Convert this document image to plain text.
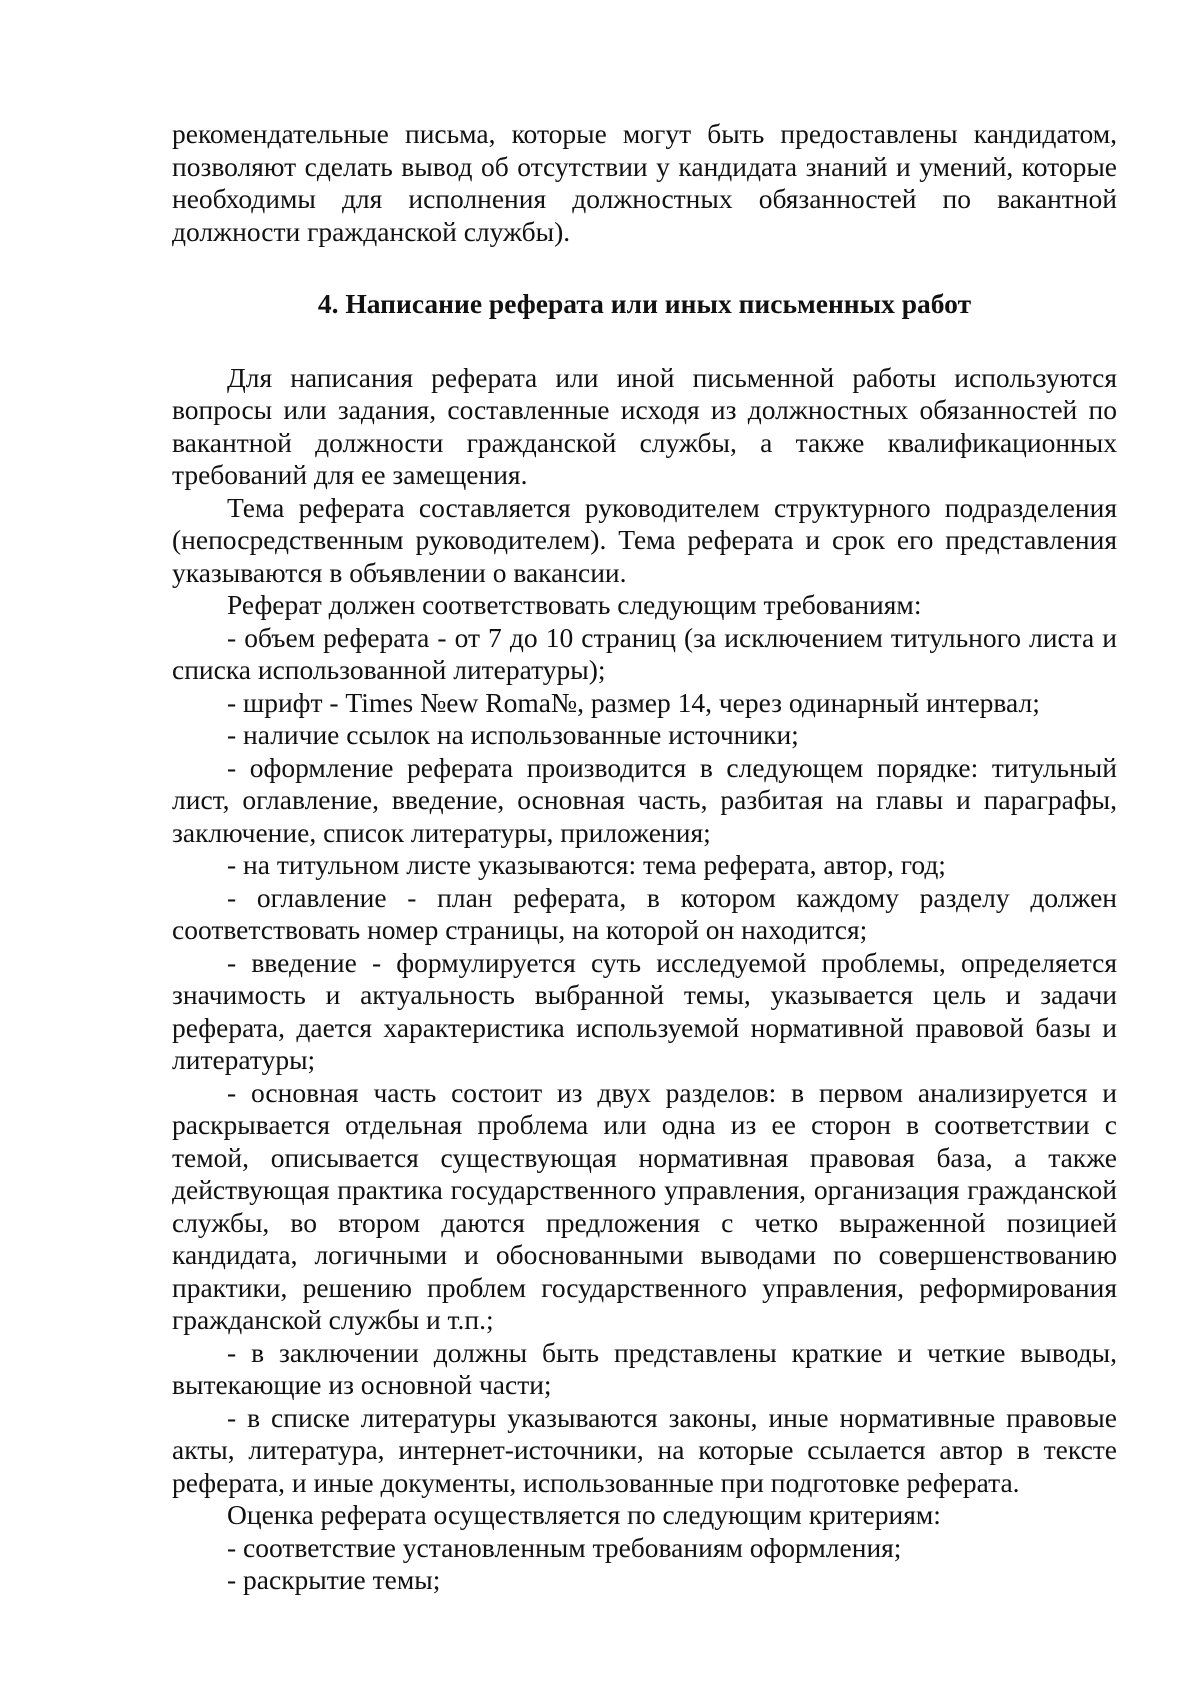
рекомендательные письма, которые могут быть предоставлены кандидатом, позволяют сделать вывод об отсутствии у кандидата знаний и умений, которые необходимы для исполнения должностных обязанностей по вакантной должности гражданской службы).

4. Написание реферата или иных письменных работ

Для написания реферата или иной письменной работы используются вопросы или задания, составленные исходя из должностных обязанностей по вакантной должности гражданской службы, а также квалификационных требований для ее замещения.

Тема реферата составляется руководителем структурного подразделения (непосредственным руководителем). Тема реферата и срок его представления указываются в объявлении о вакансии.

Реферат должен соответствовать следующим требованиям:

- объем реферата - от 7 до 10 страниц (за исключением титульного листа и списка использованной литературы);

- шрифт - Times №ew Roma№, размер 14, через одинарный интервал;

- наличие ссылок на использованные источники;

- оформление реферата производится в следующем порядке: титульный лист, оглавление, введение, основная часть, разбитая на главы и параграфы, заключение, список литературы, приложения;

- на титульном листе указываются: тема реферата, автор, год;

- оглавление - план реферата, в котором каждому разделу должен соответствовать номер страницы, на которой он находится;

- введение - формулируется суть исследуемой проблемы, определяется значимость и актуальность выбранной темы, указывается цель и задачи реферата, дается характеристика используемой нормативной правовой базы и литературы;

- основная часть состоит из двух разделов: в первом анализируется и раскрывается отдельная проблема или одна из ее сторон в соответствии с темой, описывается существующая нормативная правовая база, а также действующая практика государственного управления, организация гражданской службы, во втором даются предложения с четко выраженной позицией кандидата, логичными и обоснованными выводами по совершенствованию практики, решению проблем государственного управления, реформирования гражданской службы и т.п.;

- в заключении должны быть представлены краткие и четкие выводы, вытекающие из основной части;

- в списке литературы указываются законы, иные нормативные правовые акты, литература, интернет-источники, на которые ссылается автор в тексте реферата, и иные документы, использованные при подготовке реферата.

Оценка реферата осуществляется по следующим критериям:

- соответствие установленным требованиям оформления;

- раскрытие темы;
